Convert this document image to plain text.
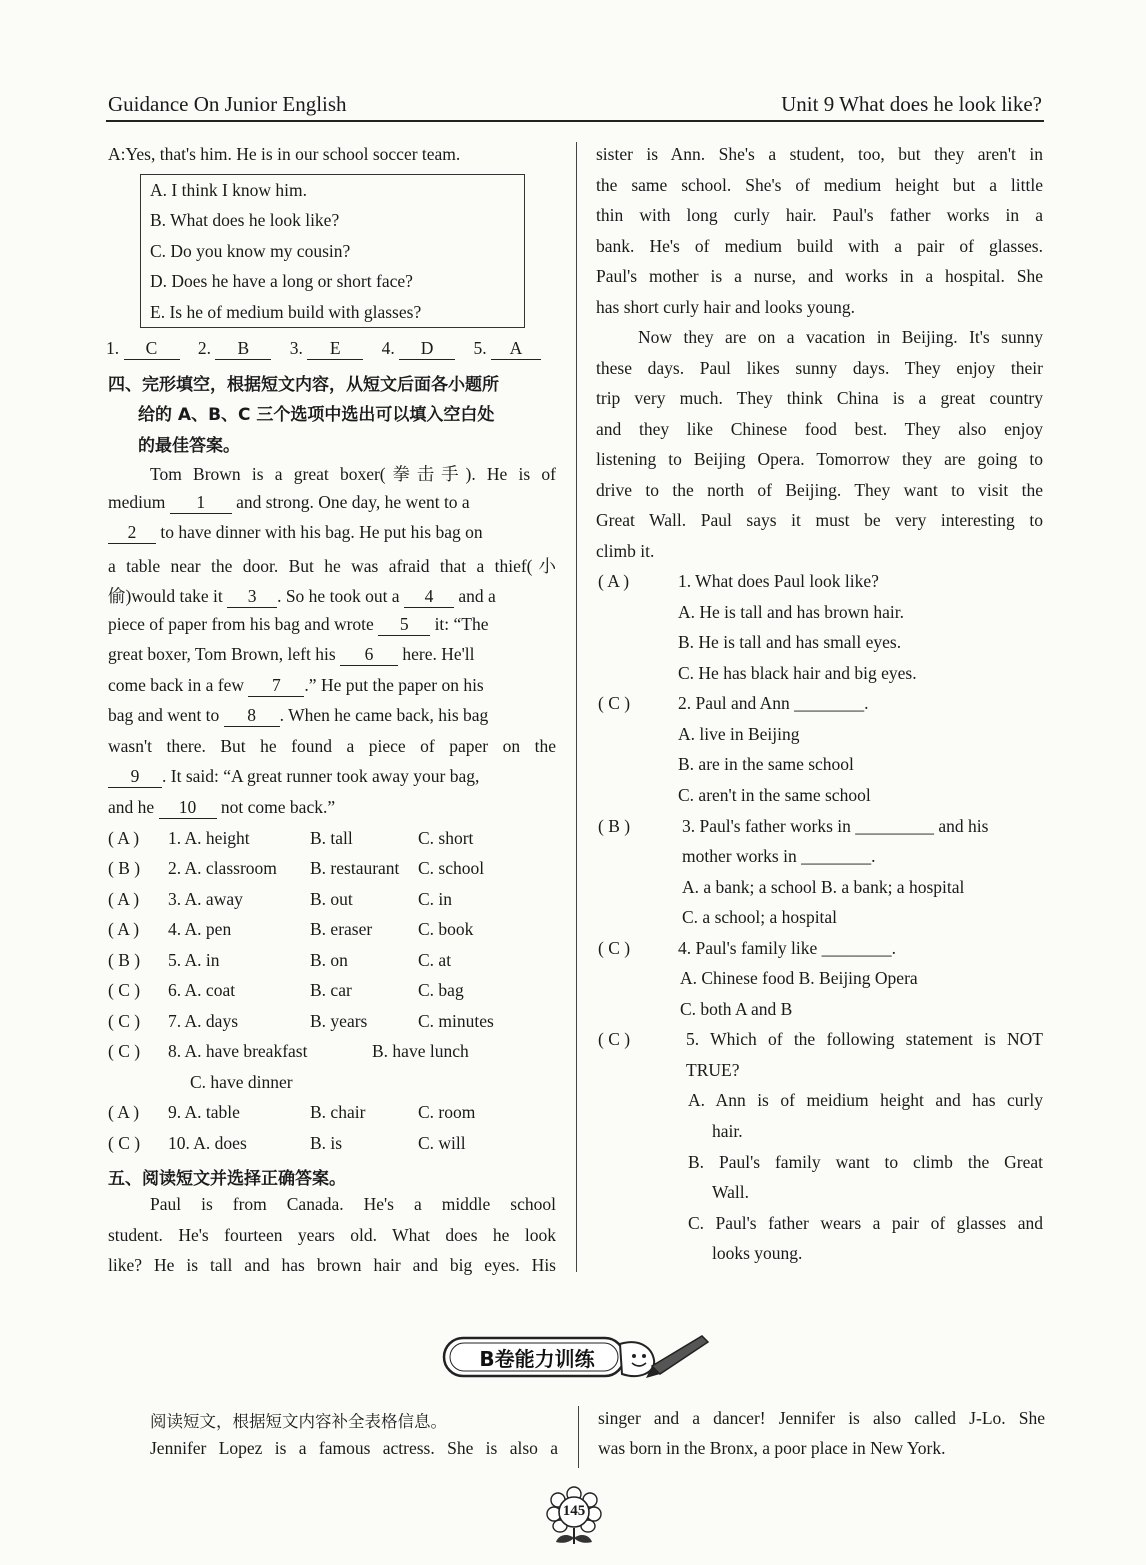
Guidance On Junior English	Unit 9 What does he look like?
A:Yes, that's him. He is in our school soccer team.
A. I think I know him.
B. What does he look like?
C. Do you know my cousin?
D. Does he have a long or short face?
E. Is he of medium build with glasses?
1. C 2. B 3. E 4. D 5. A
四、完形填空，根据短文内容，从短文后面各小题所
给的 A、B、C 三个选项中选出可以填入空白处
的最佳答案。
Tom Brown is a great boxer(拳击手). He is of
medium 1 and strong. One day, he went to a
2 to have dinner with his bag. He put his bag on
a table near the door. But he was afraid that a thief(小
偷)would take it 3 . So he took out a 4 and a
piece of paper from his bag and wrote 5 it: “The
great boxer, Tom Brown, left his 6 here. He'll
come back in a few 7 .” He put the paper on his
bag and went to 8 . When he came back, his bag
wasn't there. But he found a piece of paper on the
9 . It said: “A great runner took away your bag,
and he 10 not come back.”
( A ) 1. A. height	B. tall	C. short
( B ) 2. A. classroom B. restaurant C. school
( A ) 3. A. away	B. out	C. in
( A ) 4. A. pen	B. eraser	C. book
( B ) 5. A. in	B. on	C. at
( C ) 6. A. coat	B. car	C. bag
( C ) 7. A. days	B. years	C. minutes
( C ) 8. A. have breakfast	B. have lunch
C. have dinner
( A ) 9. A. table	B. chair	C. room
( C ) 10. A. does	B. is	C. will
五、阅读短文并选择正确答案。
Paul is from Canada. He's a middle school
student. He's fourteen years old. What does he look
like? He is tall and has brown hair and big eyes. His
sister is Ann. She's a student, too, but they aren't in
the same school. She's of medium height but a little
thin with long curly hair. Paul's father works in a
bank. He's of medium build with a pair of glasses.
Paul's mother is a nurse, and works in a hospital. She
has short curly hair and looks young.
Now they are on a vacation in Beijing. It's sunny
these days. Paul likes sunny days. They enjoy their
trip very much. They think China is a great country
and they like Chinese food best. They also enjoy
listening to Beijing Opera. Tomorrow they are going to
drive to the north of Beijing. They want to visit the
Great Wall. Paul says it must be very interesting to
climb it.
( A )	1. What does Paul look like?
A. He is tall and has brown hair.
B. He is tall and has small eyes.
C. He has black hair and big eyes.
( C )	2. Paul and Ann ________.
A. live in Beijing
B. are in the same school
C. aren't in the same school
( B )	3. Paul's father works in _________ and his
mother works in ________.
A. a bank; a school B. a bank; a hospital
C. a school; a hospital
( C )	4. Paul's family like ________.
A. Chinese food B. Beijing Opera
C. both A and B
( C )	5. Which of the following statement is NOT
TRUE?
A. Ann is of meidium height and has curly
hair.
B. Paul's family want to climb the Great
Wall.
C. Paul's father wears a pair of glasses and
looks young.
B卷能力训练
阅读短文，根据短文内容补全表格信息。
Jennifer Lopez is a famous actress. She is also a
singer and a dancer! Jennifer is also called J-Lo. She
was born in the Bronx, a poor place in New York.
145
